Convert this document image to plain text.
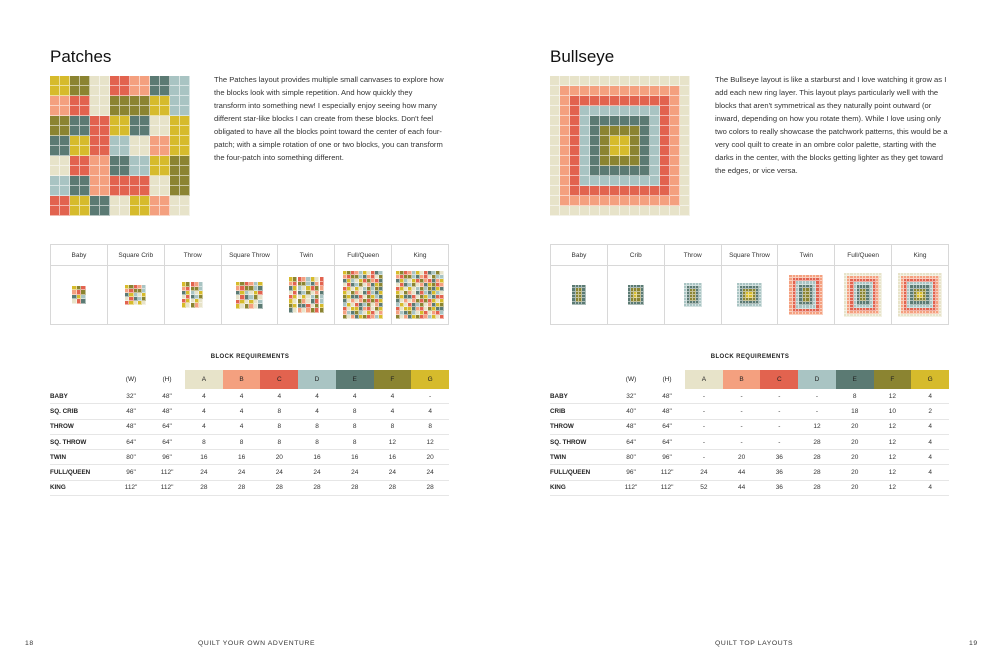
Patches

The Patches layout provides multiple small canvases to explore how the blocks look with simple repetition. And how quickly they transform into something new! I especially enjoy seeing how many different star-like blocks I can create from these blocks. Don't feel obligated to have all the blocks point toward the center of each four-patch; with a simple rotation of one or two blocks, you can transform the four-patch into something different.

Baby	Square Crib	Throw	Square Throw	Twin	Full/Queen	King

BLOCK REQUIREMENTS
	(W)	(H)	A	B	C	D	E	F	G
BABY	32"	48"	4	4	4	4	4	4	-
SQ. CRIB	48"	48"	4	4	8	4	8	4	4
THROW	48"	64"	4	4	8	8	8	8	8
SQ. THROW	64"	64"	8	8	8	8	8	12	12
TWIN	80"	96"	16	16	20	16	16	16	20
FULL/QUEEN	96"	112"	24	24	24	24	24	24	24
KING	112"	112"	28	28	28	28	28	28	28
18	QUILT YOUR OWN ADVENTURE
Bullseye

The Bullseye layout is like a starburst and I love watching it grow as I add each new ring layer. This layout plays particularly well with the blocks that aren't symmetrical as they naturally point outward (or inward, depending on how you rotate them). While I love using only two colors to really showcase the patchwork patterns, this would be a very cool quilt to create in an ombre color palette, starting with the darks in the center, with the blocks getting lighter as they get toward the edges, or vice versa.

Baby	Crib	Throw	Square Throw	Twin	Full/Queen	King

BLOCK REQUIREMENTS
	(W)	(H)	A	B	C	D	E	F	G
BABY	32"	48"	-	-	-	-	8	12	4
CRIB	40"	48"	-	-	-	-	18	10	2
THROW	48"	64"	-	-	-	12	20	12	4
SQ. THROW	64"	64"	-	-	-	28	20	12	4
TWIN	80"	96"	-	20	36	28	20	12	4
FULL/QUEEN	96"	112"	24	44	36	28	20	12	4
KING	112"	112"	52	44	36	28	20	12	4
QUILT TOP LAYOUTS	19
